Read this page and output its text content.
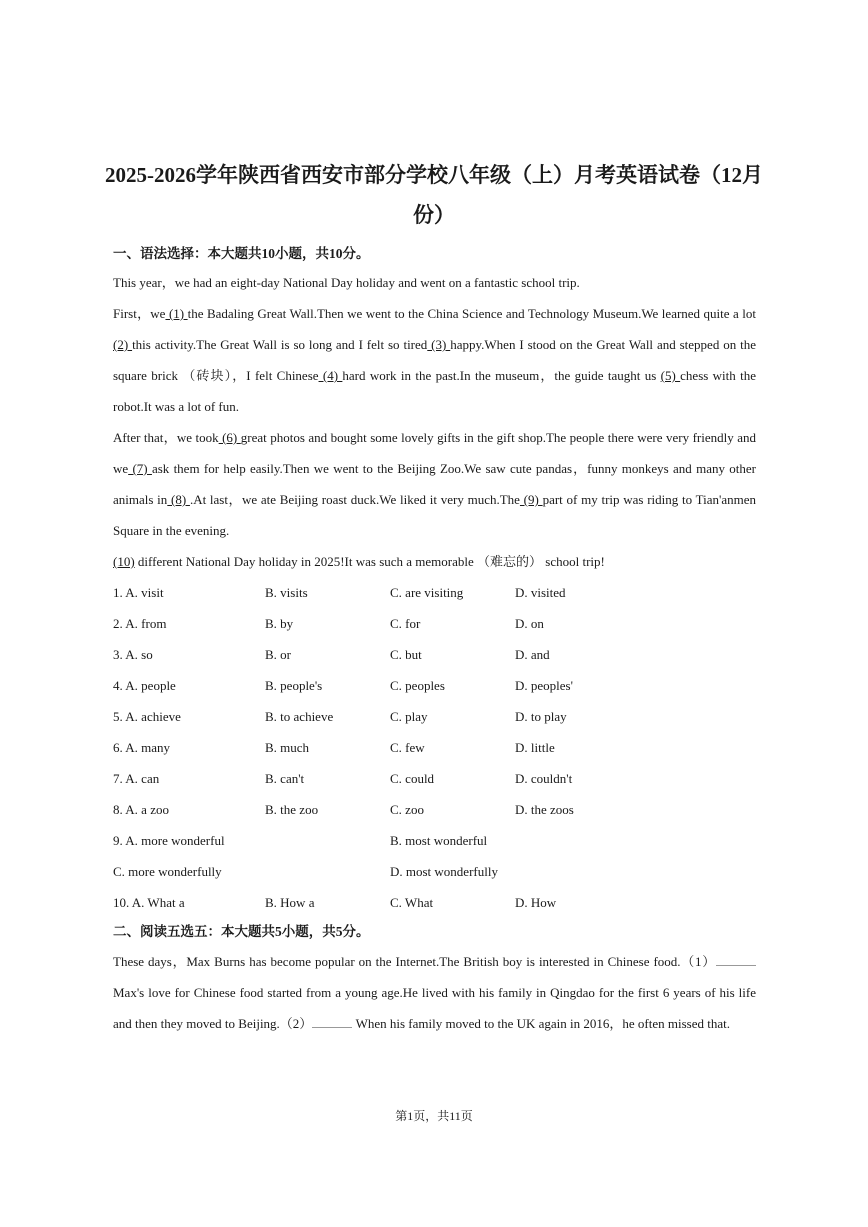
2025-2026学年陕西省西安市部分学校八年级（上）月考英语试卷（12月份）
一、语法选择：本大题共10小题，共10分。

This year，we had an eight-day National Day holiday and went on a fantastic school trip.

First，we (1) the Badaling Great Wall.Then we went to the China Science and Technology Museum.We learned quite a lot (2) this activity.The Great Wall is so long and I felt so tired (3) happy.When I stood on the Great Wall and stepped on the square brick （砖块），I felt Chinese (4) hard work in the past.In the museum，the guide taught us (5) chess with the robot.It was a lot of fun.

After that，we took (6) great photos and bought some lovely gifts in the gift shop.The people there were very friendly and we (7) ask them for help easily.Then we went to the Beijing Zoo.We saw cute pandas，funny monkeys and many other animals in (8) .At last，we ate Beijing roast duck.We liked it very much.The (9) part of my trip was riding to Tian'anmen Square in the evening.

(10) different National Day holiday in 2025!It was such a memorable （难忘的） school trip!

1. A. visit	B. visits	C. are visiting	D. visited
2. A. from	B. by	C. for	D. on
3. A. so	B. or	C. but	D. and
4. A. people	B. people's	C. peoples	D. peoples'
5. A. achieve	B. to achieve	C. play	D. to play
6. A. many	B. much	C. few	D. little
7. A. can	B. can't	C. could	D. couldn't
8. A. a zoo	B. the zoo	C. zoo	D. the zoos
9. A. more wonderful	B. most wonderful
C. more wonderfully	D. most wonderfully
10. A. What a	B. How a	C. What	D. How
二、阅读五选五：本大题共5小题，共5分。

These days，Max Burns has become popular on the Internet.The British boy is interested in Chinese food.（1） Max's love for Chinese food started from a young age.He lived with his family in Qingdao for the first 6 years of his life and then they moved to Beijing.（2）	When his family moved to the UK again in 2016，he often missed that.

第1页，共11页
